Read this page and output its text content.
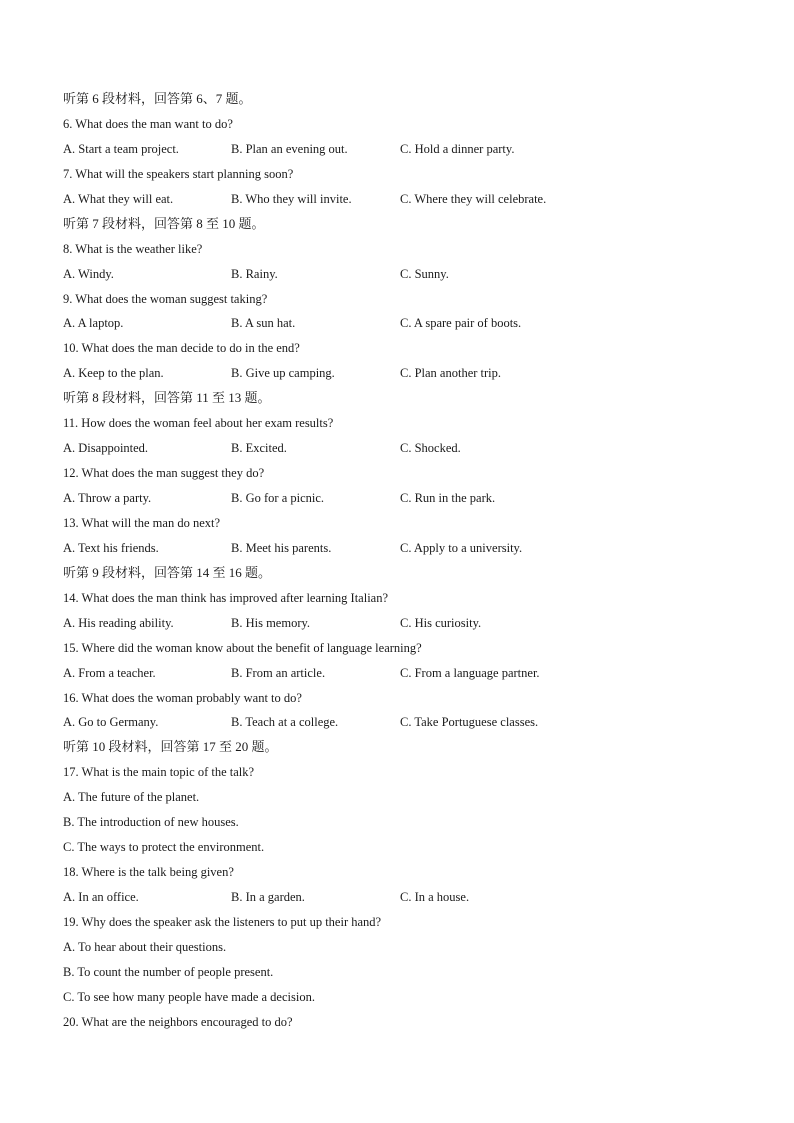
听第 6 段材料，回答第 6、7 题。
6. What does the man want to do?
A. Start a team project.	B. Plan an evening out.	C. Hold a dinner party.
7. What will the speakers start planning soon?
A. What they will eat.	B. Who they will invite.	C. Where they will celebrate.
听第 7 段材料，回答第 8 至 10 题。
8. What is the weather like?
A. Windy.	B. Rainy.	C. Sunny.
9. What does the woman suggest taking?
A. A laptop.	B. A sun hat.	C. A spare pair of boots.
10. What does the man decide to do in the end?
A. Keep to the plan.	B. Give up camping.	C. Plan another trip.
听第 8 段材料，回答第 11 至 13 题。
11. How does the woman feel about her exam results?
A. Disappointed.	B. Excited.	C. Shocked.
12. What does the man suggest they do?
A. Throw a party.	B. Go for a picnic.	C. Run in the park.
13. What will the man do next?
A. Text his friends.	B. Meet his parents.	C. Apply to a university.
听第 9 段材料，回答第 14 至 16 题。
14. What does the man think has improved after learning Italian?
A. His reading ability.	B. His memory.	C. His curiosity.
15. Where did the woman know about the benefit of language learning?
A. From a teacher.	B. From an article.	C. From a language partner.
16. What does the woman probably want to do?
A. Go to Germany.	B. Teach at a college.	C. Take Portuguese classes.
听第 10 段材料，回答第 17 至 20 题。
17. What is the main topic of the talk?
A. The future of the planet.
B. The introduction of new houses.
C. The ways to protect the environment.
18. Where is the talk being given?
A. In an office.	B. In a garden.	C. In a house.
19. Why does the speaker ask the listeners to put up their hand?
A. To hear about their questions.
B. To count the number of people present.
C. To see how many people have made a decision.
20. What are the neighbors encouraged to do?
